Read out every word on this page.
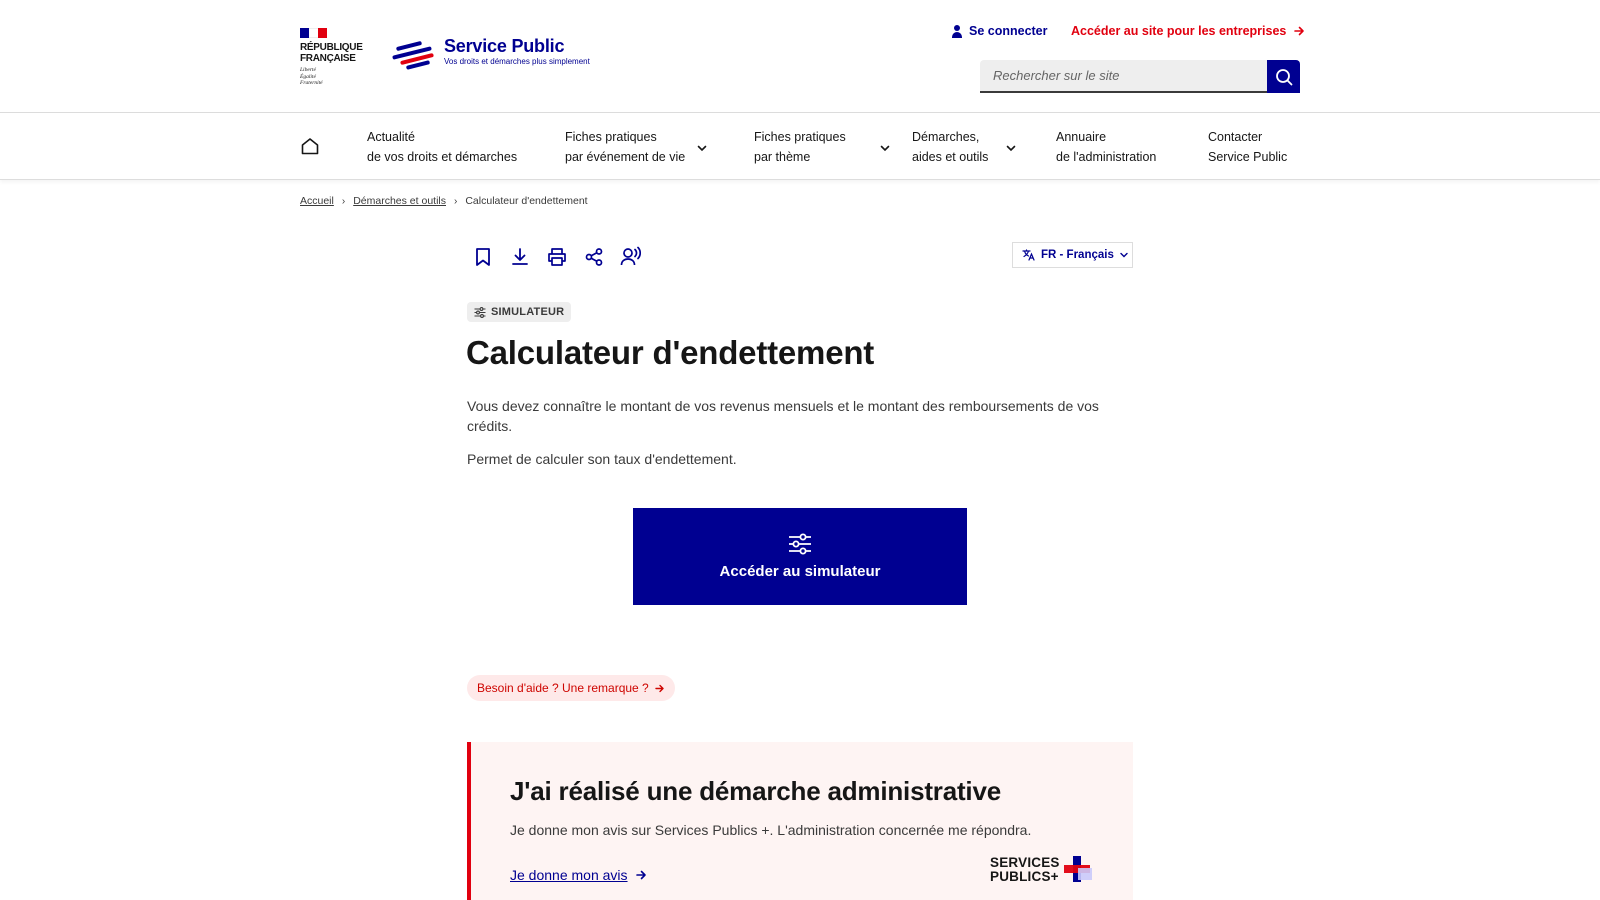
RÉPUBLIQUE
FRANÇAISE
Liberté
Égalité
Fraternité
Service Public
Vos droits et démarches plus simplement
Se connecter Accéder au site pour les entreprises
Rechercher sur le site
Actualité
de vos droits et démarches
Fiches pratiques
par événement de vie
Fiches pratiques
par thème
Démarches,
aides et outils
Annuaire
de l'administration
Contacter
Service Public
Accueil › Démarches et outils › Calculateur d'endettement
FR - Français
SIMULATEUR
Calculateur d'endettement

Vous devez connaître le montant de vos revenus mensuels et le montant des remboursements de vos crédits.

Permet de calculer son taux d'endettement.

Accéder au simulateur
Besoin d'aide ? Une remarque ?
J'ai réalisé une démarche administrative

Je donne mon avis sur Services Publics +. L'administration concernée me répondra.

Je donne mon avis
SERVICES
PUBLICS+
